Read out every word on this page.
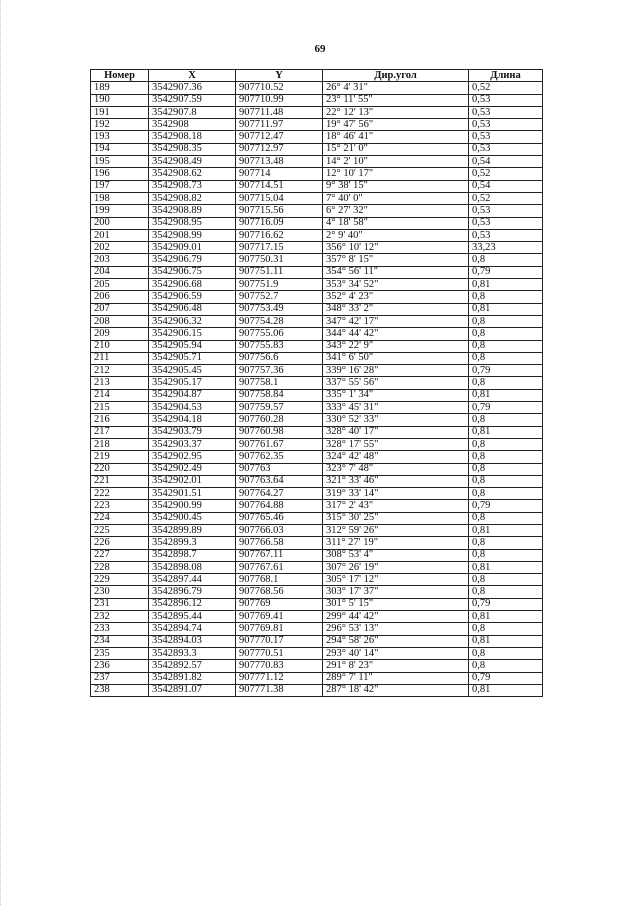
69
Номер	X	Y	Дир.угол	Длина
189	3542907.36	907710.52	26° 4' 31"	0,52
190	3542907.59	907710.99	23° 11' 55"	0,53
191	3542907.8	907711.48	22° 12' 13"	0,53
192	3542908	907711.97	19° 47' 56"	0,53
193	3542908.18	907712.47	18° 46' 41"	0,53
194	3542908.35	907712.97	15° 21' 0"	0,53
195	3542908.49	907713.48	14° 2' 10"	0,54
196	3542908.62	907714	12° 10' 17"	0,52
197	3542908.73	907714.51	9° 38' 15"	0,54
198	3542908.82	907715.04	7° 40' 0"	0,52
199	3542908.89	907715.56	6° 27' 32"	0,53
200	3542908.95	907716.09	4° 18' 58"	0,53
201	3542908.99	907716.62	2° 9' 40"	0,53
202	3542909.01	907717.15	356° 10' 12"	33,23
203	3542906.79	907750.31	357° 8' 15"	0,8
204	3542906.75	907751.11	354° 56' 11"	0,79
205	3542906.68	907751.9	353° 34' 52"	0,81
206	3542906.59	907752.7	352° 4' 23"	0,8
207	3542906.48	907753.49	348° 33' 2"	0,81
208	3542906.32	907754.28	347° 42' 17"	0,8
209	3542906.15	907755.06	344° 44' 42"	0,8
210	3542905.94	907755.83	343° 22' 9"	0,8
211	3542905.71	907756.6	341° 6' 50"	0,8
212	3542905.45	907757.36	339° 16' 28"	0,79
213	3542905.17	907758.1	337° 55' 56"	0,8
214	3542904.87	907758.84	335° 1' 34"	0,81
215	3542904.53	907759.57	333° 45' 31"	0,79
216	3542904.18	907760.28	330° 52' 33"	0,8
217	3542903.79	907760.98	328° 40' 17"	0,81
218	3542903.37	907761.67	328° 17' 55"	0,8
219	3542902.95	907762.35	324° 42' 48"	0,8
220	3542902.49	907763	323° 7' 48"	0,8
221	3542902.01	907763.64	321° 33' 46"	0,8
222	3542901.51	907764.27	319° 33' 14"	0,8
223	3542900.99	907764.88	317° 2' 43"	0,79
224	3542900.45	907765.46	315° 30' 25"	0,8
225	3542899.89	907766.03	312° 59' 26"	0,81
226	3542899.3	907766.58	311° 27' 19"	0,8
227	3542898.7	907767.11	308° 53' 4"	0,8
228	3542898.08	907767.61	307° 26' 19"	0,81
229	3542897.44	907768.1	305° 17' 12"	0,8
230	3542896.79	907768.56	303° 17' 37"	0,8
231	3542896.12	907769	301° 5' 15"	0,79
232	3542895.44	907769.41	299° 44' 42"	0,81
233	3542894.74	907769.81	296° 53' 13"	0,8
234	3542894.03	907770.17	294° 58' 26"	0,81
235	3542893.3	907770.51	293° 40' 14"	0,8
236	3542892.57	907770.83	291° 8' 23"	0,8
237	3542891.82	907771.12	289° 7' 11"	0,79
238	3542891.07	907771.38	287° 18' 42"	0,81
